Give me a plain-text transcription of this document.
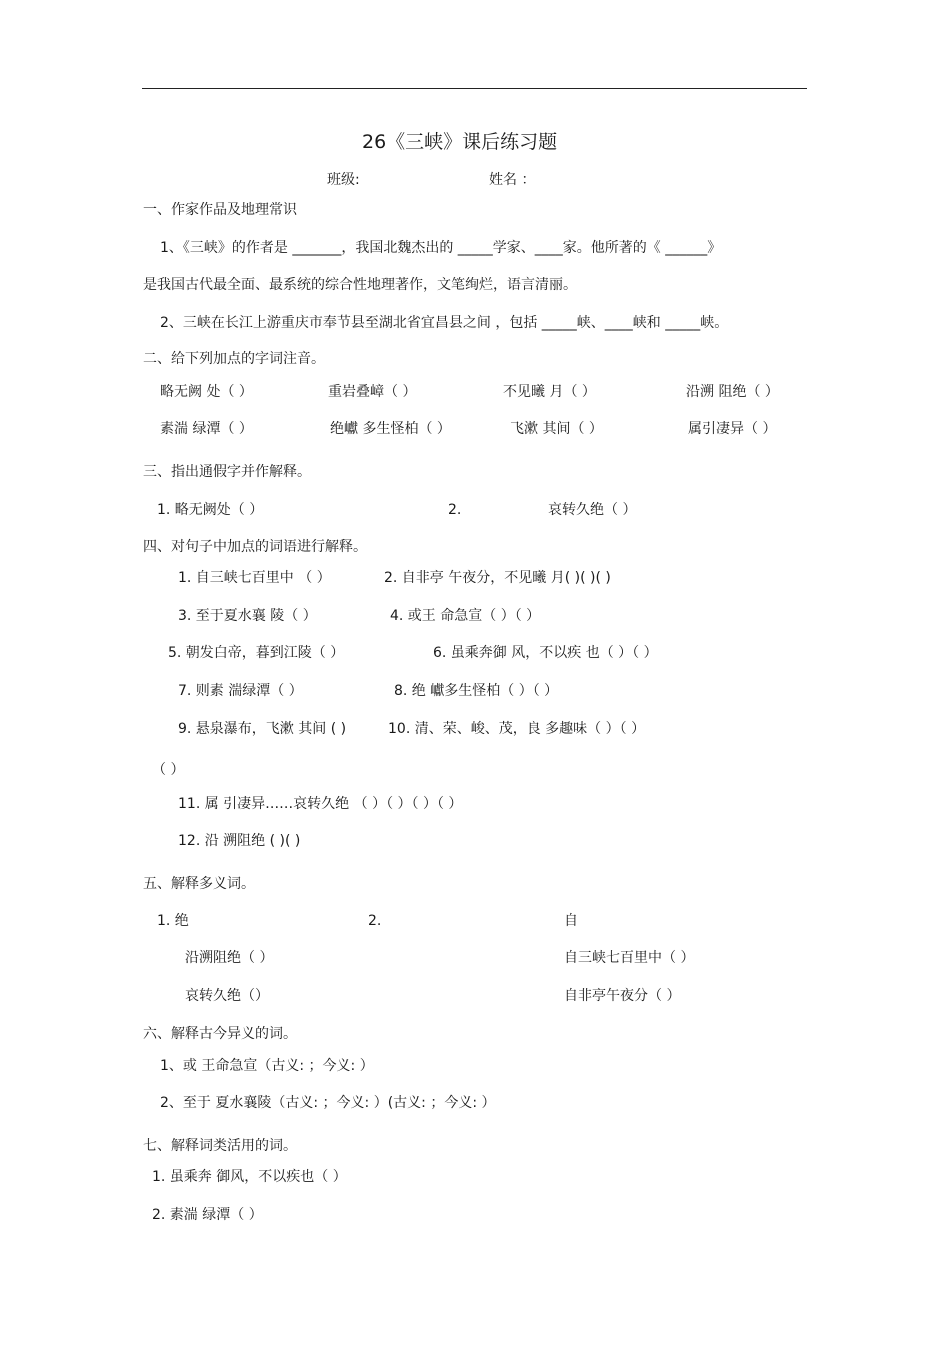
26《三峡》课后练习题
班级:	姓名 ：
一、作家作品及地理常识
1、《三峡》的作者是 _______，我国北魏杰出的 _____学家、____家。他所著的《 ______》
是我国古代最全面、最系统的综合性地理著作，文笔绚烂，语言清丽。
2、三峡在长江上游重庆市奉节县至湖北省宜昌县之间 ，包括 _____峡、____峡和 _____峡。
二、给下列加点的字词注音。
略无阙 处（ ）	重岩叠嶂（ ）	不见曦 月（ ）	沿溯 阻绝（ ）
素湍 绿潭（ ）	绝巘 多生怪柏（ ）	飞漱 其间（ ）	属引凄异（ ）
三、指出通假字并作解释。
1. 略无阙处（ ）	2.	哀转久绝（ ）
四、对句子中加点的词语进行解释。
1. 自三峡七百里中 （ ）	2. 自非亭 午夜分，不见曦 月( )( )( )
3. 至于夏水襄 陵（ ）	4. 或王 命急宣（ ）（ ）
5. 朝发白帝，暮到江陵（ ）	6. 虽乘奔御 风，不以疾 也（ ）（ ）
7. 则素 湍绿潭（ ）	8. 绝 巘多生怪柏（ ）（ ）
9. 悬泉瀑布，飞漱 其间 ( )	10. 清、荣、峻、茂，良 多趣味（ ）（ ）
（ ）
11. 属 引凄异……哀转久绝 （ ）（ ）（ ）（ ）
12. 沿 溯阻绝 ( )( )
五、解释多义词。
1. 绝	2.	自
沿溯阻绝（ ）	自三峡七百里中（ ）
哀转久绝（）	自非亭午夜分（ ）
六、解释古今异义的词。
1、或 王命急宣（古义: ；今义: ）
2、至于 夏水襄陵（古义: ；今义: ）(古义: ；今义: ）
七、解释词类活用的词。
1. 虽乘奔 御风，不以疾也（ ）
2. 素湍 绿潭（ ）
